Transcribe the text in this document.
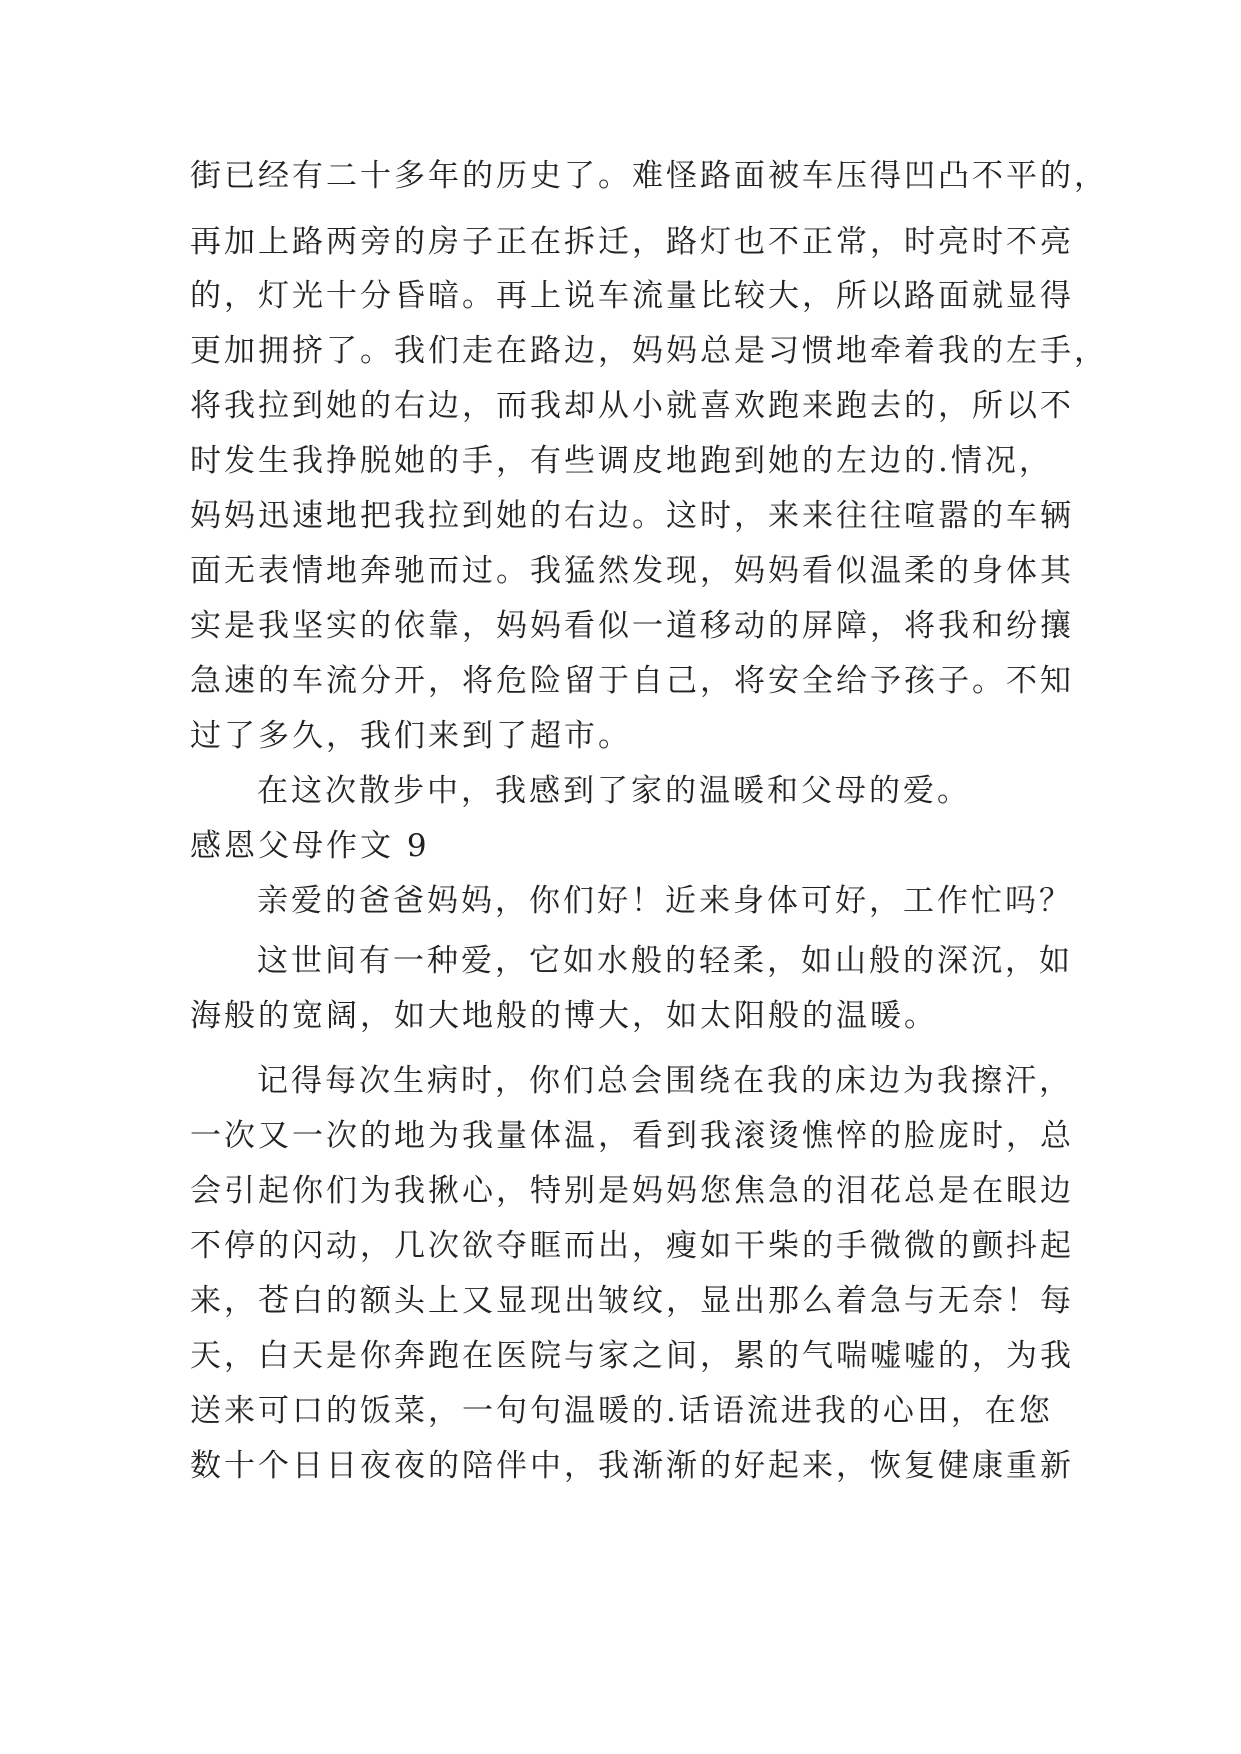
街已经有二十多年的历史了。难怪路面被车压得凹凸不平的，
再加上路两旁的房子正在拆迁，路灯也不正常，时亮时不亮
的，灯光十分昏暗。再上说车流量比较大，所以路面就显得
更加拥挤了。我们走在路边，妈妈总是习惯地牵着我的左手，
将我拉到她的右边，而我却从小就喜欢跑来跑去的，所以不
时发生我挣脱她的手，有些调皮地跑到她的左边的.情况，
妈妈迅速地把我拉到她的右边。这时，来来往往喧嚣的车辆
面无表情地奔驰而过。我猛然发现，妈妈看似温柔的身体其
实是我坚实的依靠，妈妈看似一道移动的屏障，将我和纷攘
急速的车流分开，将危险留于自己，将安全给予孩子。不知
过了多久，我们来到了超市。
在这次散步中，我感到了家的温暖和父母的爱。
感恩父母作文 9
亲爱的爸爸妈妈，你们好！近来身体可好，工作忙吗？
这世间有一种爱，它如水般的轻柔，如山般的深沉，如
海般的宽阔，如大地般的博大，如太阳般的温暖。
记得每次生病时，你们总会围绕在我的床边为我擦汗，
一次又一次的地为我量体温，看到我滚烫憔悴的脸庞时，总
会引起你们为我揪心，特别是妈妈您焦急的泪花总是在眼边
不停的闪动，几次欲夺眶而出，瘦如干柴的手微微的颤抖起
来，苍白的额头上又显现出皱纹，显出那么着急与无奈！每
天，白天是你奔跑在医院与家之间，累的气喘嘘嘘的，为我
送来可口的饭菜，一句句温暖的.话语流进我的心田，在您
数十个日日夜夜的陪伴中，我渐渐的好起来，恢复健康重新
